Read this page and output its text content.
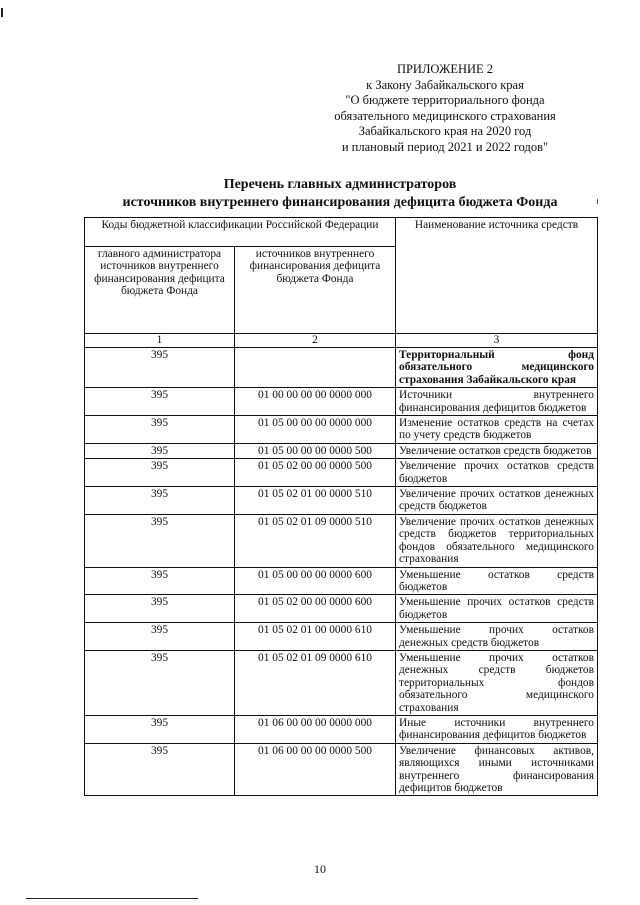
ПРИЛОЖЕНИЕ 2
к Закону Забайкальского края
"О бюджете территориального фонда
обязательного медицинского страхования
Забайкальского края на 2020 год
и плановый период 2021 и 2022 годов"
Перечень главных администраторов
источников внутреннего финансирования дефицита бюджета Фонда
Коды бюджетной классификации Российской Федерации		Наименование источника средств
главного администратора источников внутреннего финансирования дефицита бюджета Фонда	источников внутреннего финансирования дефицита бюджета Фонда	
1	2	3
395		Территориальный фонд обязательного медицинского страхования Забайкальского края
395	01 00 00 00 00 0000 000	Источники внутреннего финансирования дефицитов бюджетов
395	01 05 00 00 00 0000 000	Изменение остатков средств на счетах по учету средств бюджетов
395	01 05 00 00 00 0000 500	Увеличение остатков средств бюджетов
395	01 05 02 00 00 0000 500	Увеличение прочих остатков средств бюджетов
395	01 05 02 01 00 0000 510	Увеличение прочих остатков денежных средств бюджетов
395	01 05 02 01 09 0000 510	Увеличение прочих остатков денежных средств бюджетов территориальных фондов обязательного медицинского страхования
395	01 05 00 00 00 0000 600	Уменьшение остатков средств бюджетов
395	01 05 02 00 00 0000 600	Уменьшение прочих остатков средств бюджетов
395	01 05 02 01 00 0000 610	Уменьшение прочих остатков денежных средств бюджетов
395	01 05 02 01 09 0000 610	Уменьшение прочих остатков денежных средств бюджетов территориальных фондов обязательного медицинского страхования
395	01 06 00 00 00 0000 000	Иные источники внутреннего финансирования дефицитов бюджетов
395	01 06 00 00 00 0000 500	Увеличение финансовых активов, являющихся иными источниками внутреннего финансирования дефицитов бюджетов
10
